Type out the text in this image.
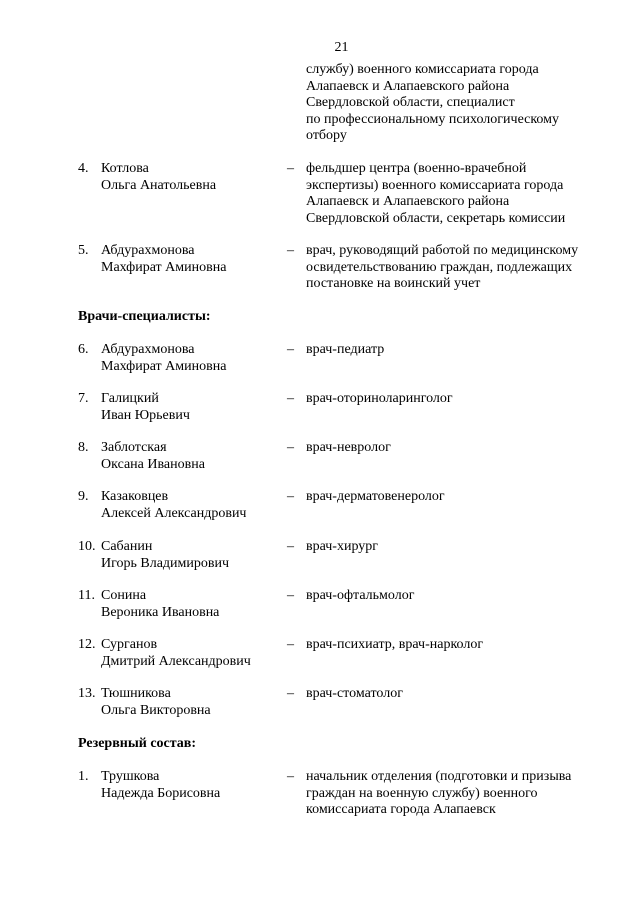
21
службу) военного комиссариата города
Алапаевск и Алапаевского района
Свердловской области, специалист
по профессиональному психологическому
отбору
4. Котлова
Ольга Анатольевна
– фельдшер центра (военно-врачебной
экспертизы) военного комиссариата города
Алапаевск и Алапаевского района
Свердловской области, секретарь комиссии
5. Абдурахмонова
Махфират Аминовна
– врач, руководящий работой по медицинскому
освидетельствованию граждан, подлежащих
постановке на воинский учет
Врачи-специалисты:
6. Абдурахмонова
Махфират Аминовна
– врач-педиатр
7. Галицкий
Иван Юрьевич
– врач-оториноларинголог
8. Заблотская
Оксана Ивановна
– врач-невролог
9. Казаковцев
Алексей Александрович
– врач-дерматовенеролог
10. Сабанин
Игорь Владимирович
– врач-хирург
11. Сонина
Вероника Ивановна
– врач-офтальмолог
12. Сурганов
Дмитрий Александрович
– врач-психиатр, врач-нарколог
13. Тюшникова
Ольга Викторовна
– врач-стоматолог
Резервный состав:
1. Трушкова
Надежда Борисовна
– начальник отделения (подготовки и призыва
граждан на военную службу) военного
комиссариата города Алапаевск
